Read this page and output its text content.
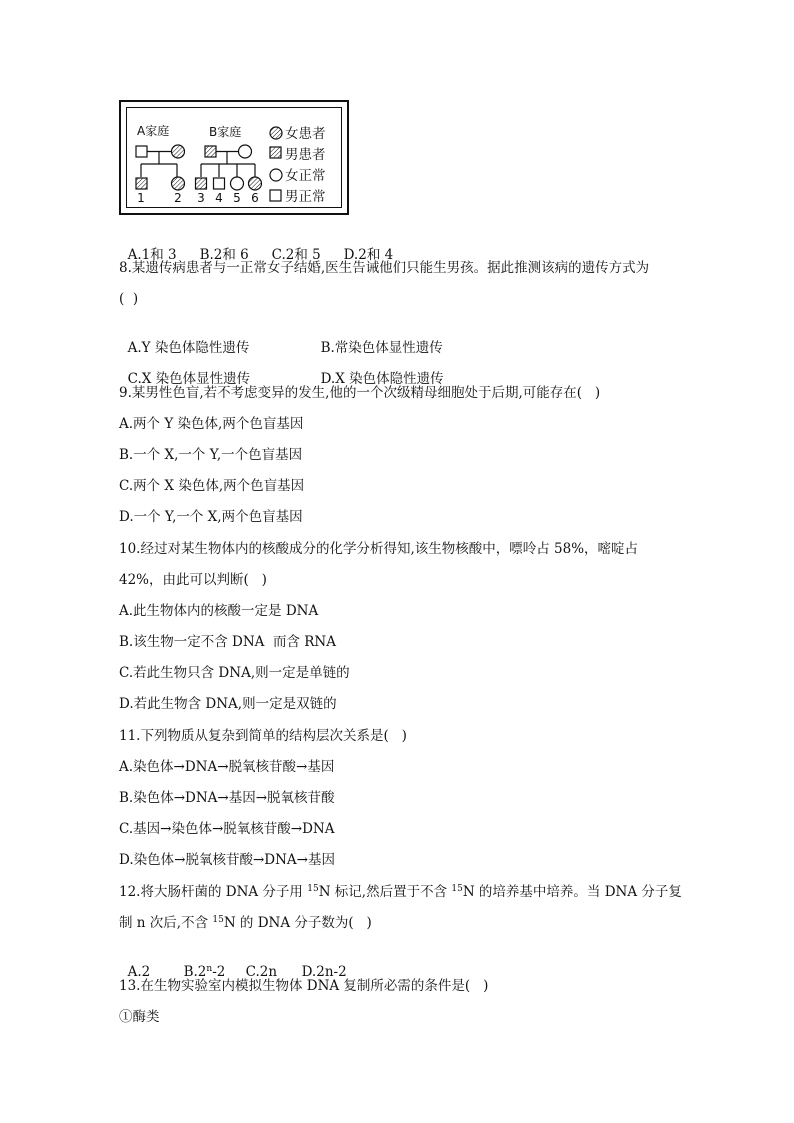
A家庭	B家庭
1 2 3 4 5 6
女患者
男患者
女正常
男正常

A.1和 3 B.2和 6 C.2和 5 D.2和 4

8.某遗传病患者与一正常女子结婚,医生告诫他们只能生男孩。据此推测该病的遗传方式为
(  )

A.Y 染色体隐性遗传	B.常染色体显性遗传

C.X 染色体显性遗传	D.X 染色体隐性遗传

9.某男性色盲,若不考虑变异的发生,他的一个次级精母细胞处于后期,可能存在(   )
A.两个 Y 染色体,两个色盲基因
B.一个 X,一个 Y,一个色盲基因
C.两个 X 染色体,两个色盲基因
D.一个 Y,一个 X,两个色盲基因
10.经过对某生物体内的核酸成分的化学分析得知,该生物核酸中，嘌呤占 58%，嘧啶占
42%，由此可以判断(   )
A.此生物体内的核酸一定是 DNA
B.该生物一定不含 DNA  而含 RNA
C.若此生物只含 DNA,则一定是单链的
D.若此生物含 DNA,则一定是双链的
11.下列物质从复杂到简单的结构层次关系是(   )
A.染色体→DNA→脱氧核苷酸→基因
B.染色体→DNA→基因→脱氧核苷酸
C.基因→染色体→脱氧核苷酸→DNA
D.染色体→脱氧核苷酸→DNA→基因
12.将大肠杆菌的 DNA 分子用 $^{15}$N 标记,然后置于不含 $^{15}$N 的培养基中培养。当 DNA 分子复
制 n 次后,不含 $^{15}$N 的 DNA 分子数为(   )

A.2 B.2$^n$-2 C.2n D.2n-2

13.在生物实验室内模拟生物体 DNA 复制所必需的条件是(   )
①酶类
